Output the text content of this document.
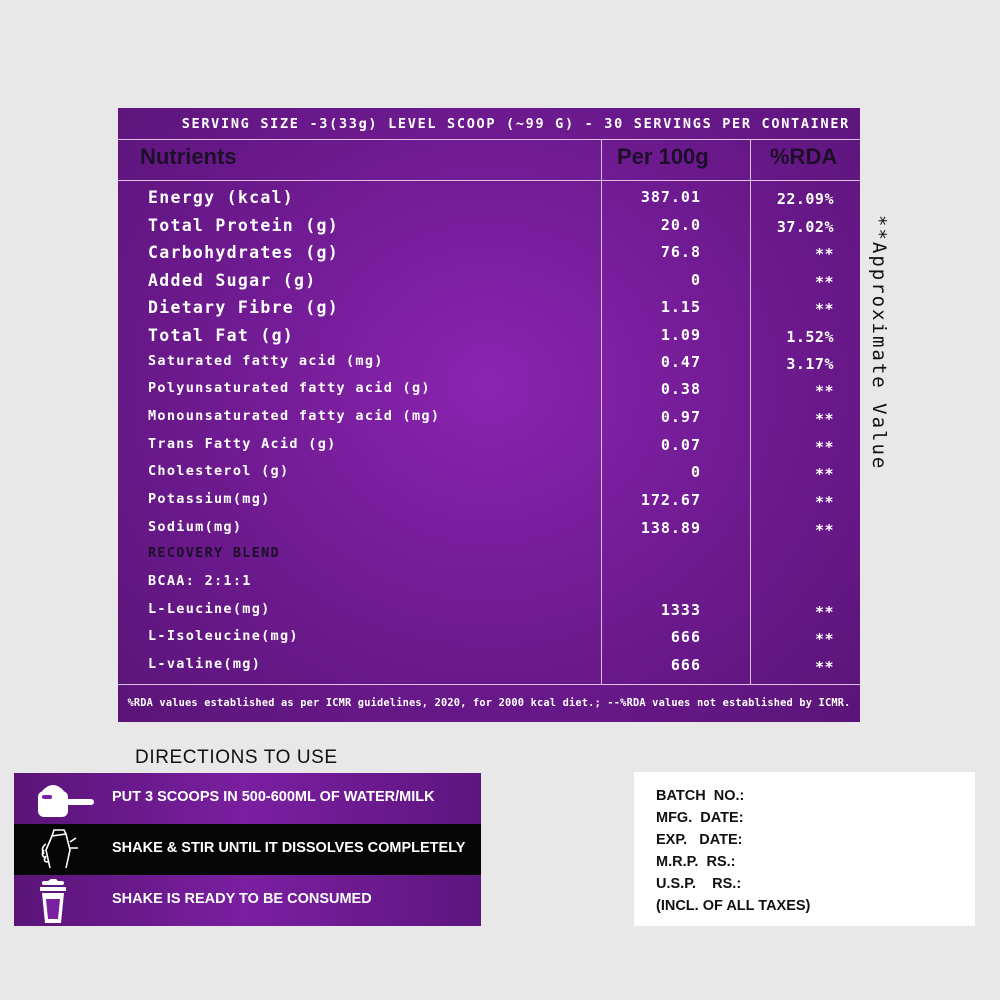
SERVING SIZE -3(33g) LEVEL SCOOP (~99 G) - 30 SERVINGS PER CONTAINER
Nutrients	Per 100g	%RDA
Energy (kcal)	387.01	22.09%
Total Protein (g)	20.0	37.02%
Carbohydrates (g)	76.8	**
Added Sugar (g)	0	**
Dietary Fibre (g)	1.15	**
Total Fat (g)	1.09	1.52%
Saturated fatty acid (mg)	0.47	3.17%
Polyunsaturated fatty acid (g)	0.38	**
Monounsaturated fatty acid (mg)	0.97	**
Trans Fatty Acid (g)	0.07	**
Cholesterol (g)	0	**
Potassium(mg)	172.67	**
Sodium(mg)	138.89	**
RECOVERY BLEND
BCAA: 2:1:1
L-Leucine(mg)	1333	**
L-Isoleucine(mg)	666	**
L-valine(mg)	666	**
%RDA values established as per ICMR guidelines, 2020, for 2000 kcal diet.; --%RDA values not established by ICMR.
**Approximate Value
DIRECTIONS TO USE
PUT 3 SCOOPS IN 500-600ML OF WATER/MILK
SHAKE & STIR UNTIL IT DISSOLVES COMPLETELY
SHAKE IS READY TO BE CONSUMED
BATCH  NO.:
MFG.  DATE:
EXP.   DATE:
M.R.P.  RS.:
U.S.P.    RS.:
(INCL. OF ALL TAXES)
